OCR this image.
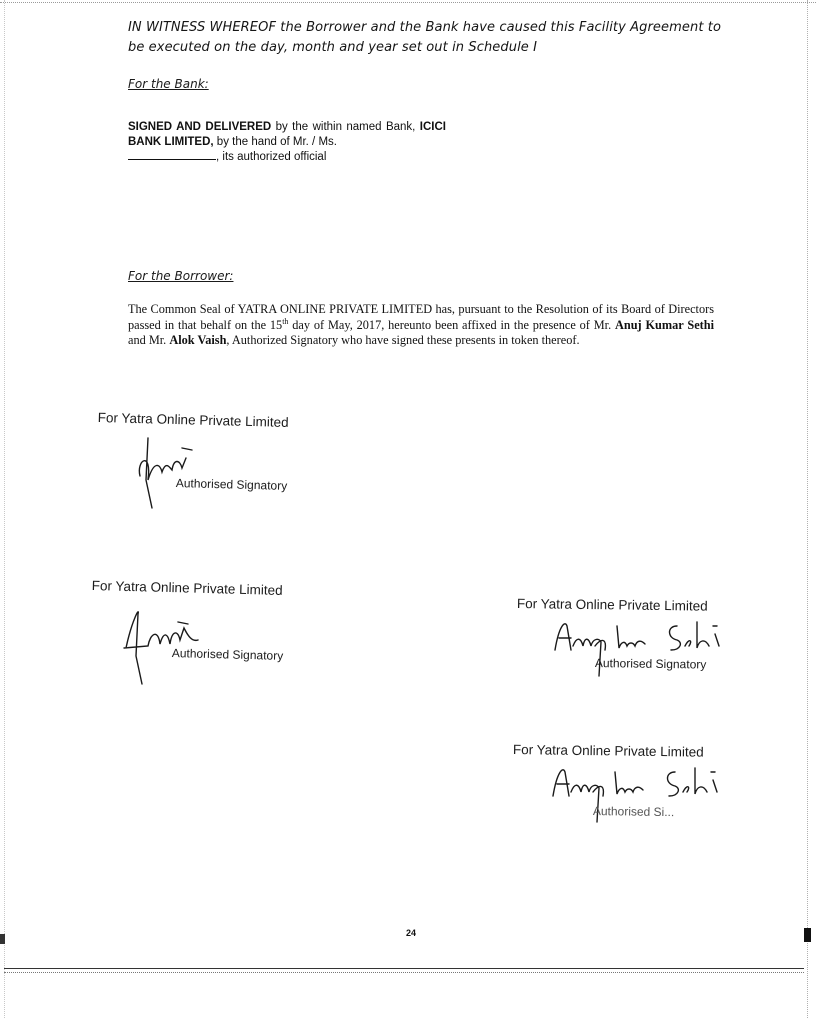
IN WITNESS WHEREOF the Borrower and the Bank have caused this Facility Agreement to be executed on the day, month and year set out in Schedule I
For the Bank:
SIGNED AND DELIVERED by the within named Bank, ICICI BANK LIMITED, by the hand of Mr. / Ms.
, its authorized official
For the Borrower:
The Common Seal of YATRA ONLINE PRIVATE LIMITED has, pursuant to the Resolution of its Board of Directors passed in that behalf on the 15th day of May, 2017, hereunto been affixed in the presence of Mr. Anuj Kumar Sethi and Mr. Alok Vaish, Authorized Signatory who have signed these presents in token thereof.
For Yatra Online Private Limited
Authorised Signatory
For Yatra Online Private Limited
Authorised Signatory
For Yatra Online Private Limited
Authorised Signatory
For Yatra Online Private Limited
Authorised Si...
24
